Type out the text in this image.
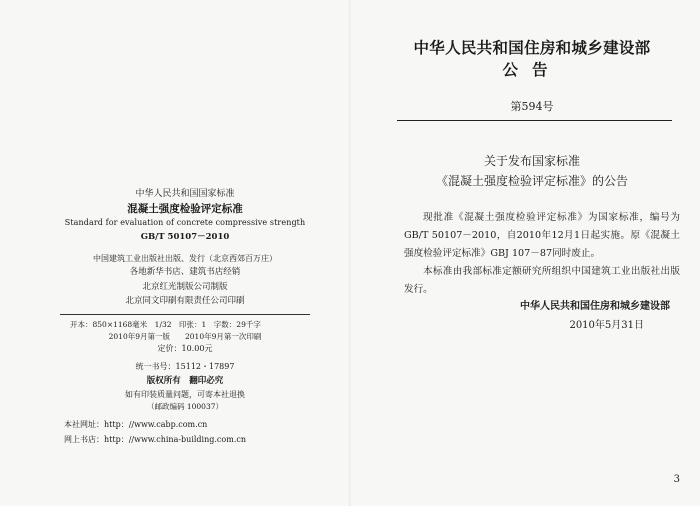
中华人民共和国国家标准
混凝土强度检验评定标准
Standard for evaluation of concrete compressive strength
GB/T 50107－2010
中国建筑工业出版社出版、发行（北京西郊百万庄）
各地新华书店、建筑书店经销
北京红光制版公司制版
北京同文印刷有限责任公司印刷
开本：850×1168毫米　1/32　印张：1　字数：29千字
2010年9月第一版　　2010年9月第一次印刷
定价：10.00元
统一书号：15112・17897
版权所有　翻印必究
如有印装质量问题，可寄本社退换
（邮政编码 100037）
本社网址：http：//www.cabp.com.cn
网上书店：http：//www.china-building.com.cn
中华人民共和国住房和城乡建设部
公告
第594号
关于发布国家标准
《混凝土强度检验评定标准》的公告

现批准《混凝土强度检验评定标准》为国家标准，编号为GB/T 50107－2010，自2010年12月1日起实施。原《混凝土强度检验评定标准》GBJ 107－87同时废止。

本标准由我部标准定额研究所组织中国建筑工业出版社出版发行。

中华人民共和国住房和城乡建设部
2010年5月31日
3
